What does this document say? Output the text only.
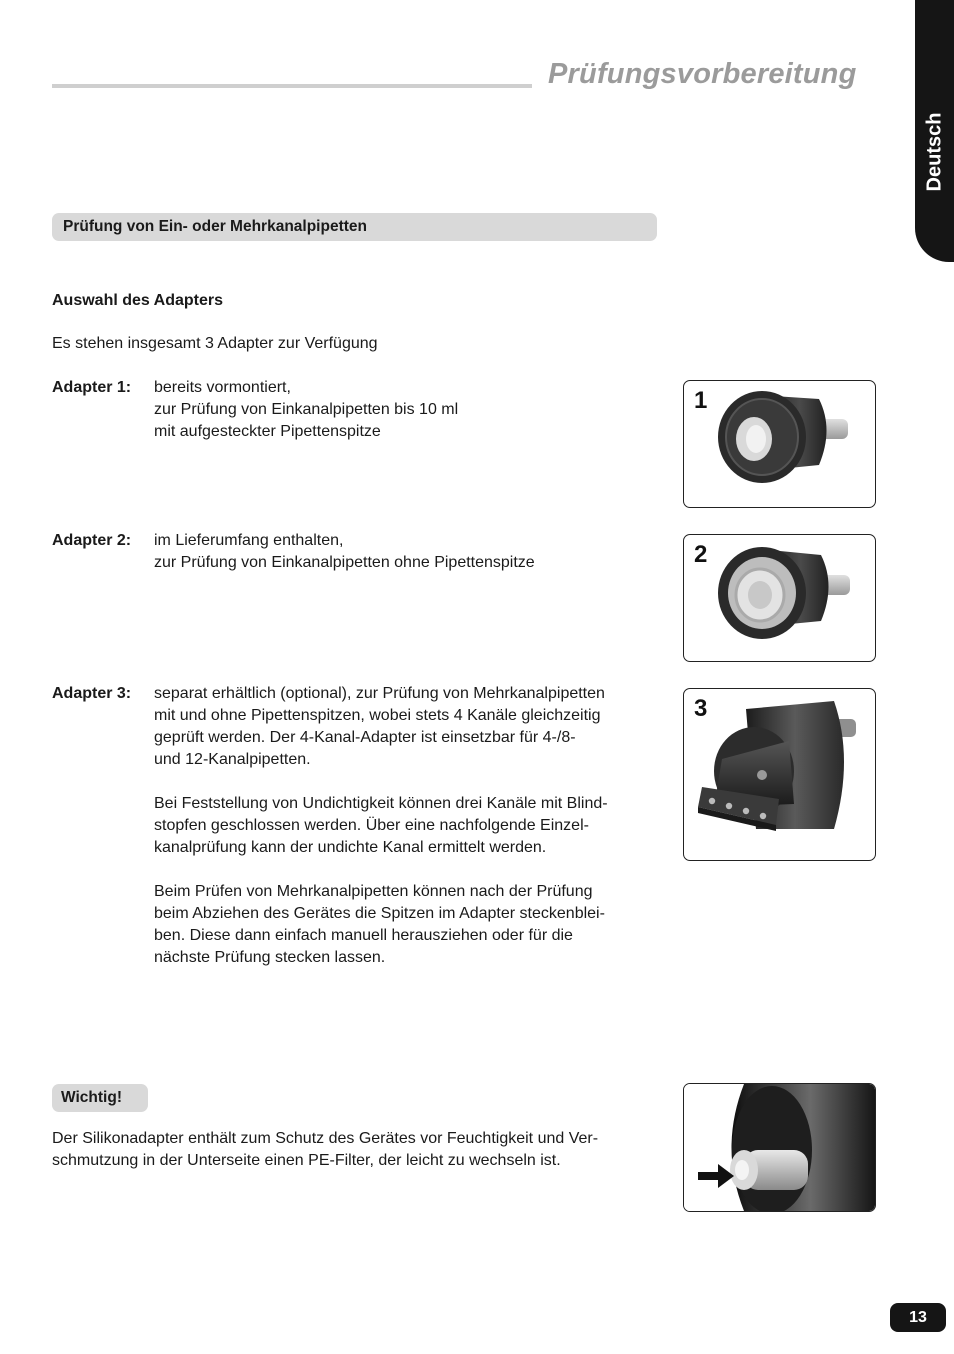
Prüfungsvorbereitung
Deutsch
Prüfung von Ein- oder Mehrkanalpipetten
Auswahl des Adapters
Es stehen insgesamt 3 Adapter zur Verfügung
Adapter 1: bereits vormontiert,
zur Prüfung von Einkanalpipetten bis 10 ml
mit aufgesteckter Pipettenspitze
Adapter 2: im Lieferumfang enthalten,
zur Prüfung von Einkanalpipetten ohne Pipettenspitze
Adapter 3: separat erhältlich (optional), zur Prüfung von Mehrkanalpipetten
mit und ohne Pipettenspitzen, wobei stets 4 Kanäle gleichzeitig
geprüft werden. Der 4-Kanal-Adapter ist einsetzbar für 4-/8-
und 12-Kanalpipetten.

Bei Feststellung von Undichtigkeit können drei Kanäle mit Blind-
stopfen geschlossen werden. Über eine nachfolgende Einzel-
kanalprüfung kann der undichte Kanal ermittelt werden.

Beim Prüfen von Mehrkanalpipetten können nach der Prüfung
beim Abziehen des Gerätes die Spitzen im Adapter steckenblei-
ben. Diese dann einfach manuell herausziehen oder für die
nächste Prüfung stecken lassen.
1
2
3
Wichtig!
Der Silikonadapter enthält zum Schutz des Gerätes vor Feuchtigkeit und Ver-
schmutzung in der Unterseite einen PE-Filter, der leicht zu wechseln ist.
13
